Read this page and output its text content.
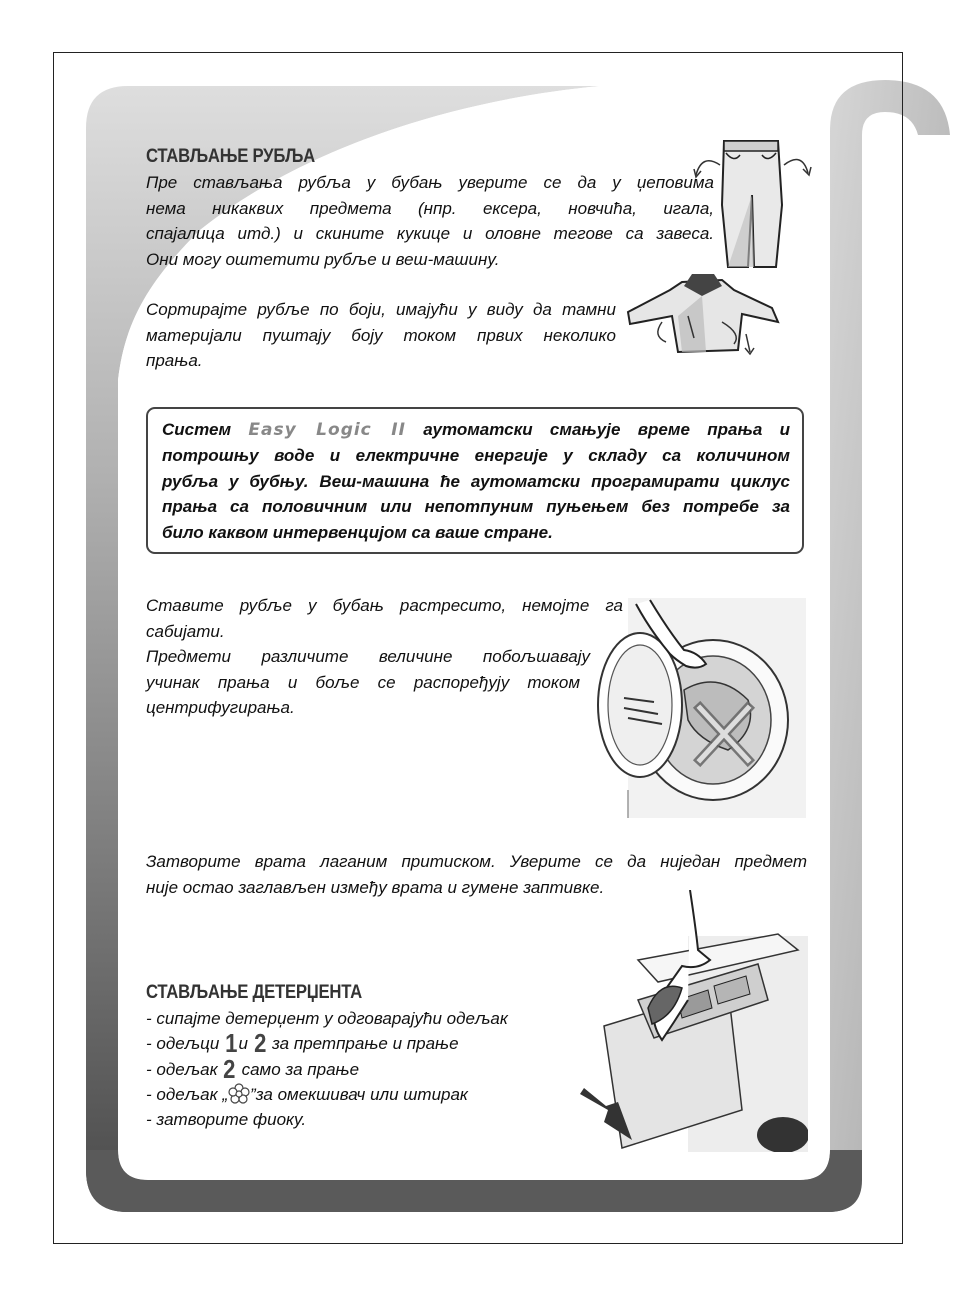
СТАВЉАЊЕ РУБЉА
Пре стављања рубља у бубањ уверите се да у џеповима
нема никаквих предмета (нпр. ексера, новчића, игала,
спајалица итд.) и скините кукице и оловне тегове са завеса.
Они могу оштетити рубље и веш-машину.
Сортирајте рубље по боји, имајући у виду да тамни
материјали пуштају боју током првих неколико
прања.
Систем Easy Logic II аутоматски смањује време прања и
потрошњу воде и електричне енергије у складу са количином
рубља у бубњу. Веш-машина ће аутоматски програмирати циклус
прања са половичним или непотпуним пуњењем без потребе за
било каквом интервенцијом са ваше стране.
Ставите рубље у бубањ растресито, немојте га
сабијати.
Предмети различите величине побољшавају
учинак прања и боље се распоређују током
центрифугирања.
Затворите врата лаганим притиском. Уверите се да ниједан предмет
није остао заглављен између врата и гумене заптивке.
СТАВЉАЊЕ ДЕТЕРЏЕНТА
- сипајте детерџент у одговарајући одељак
- одељци 1и 2 за претпрање и прање
- одељак 2 само за прање
- одељак „ ”за омекшивач или штирак
- затворите фиоку.
